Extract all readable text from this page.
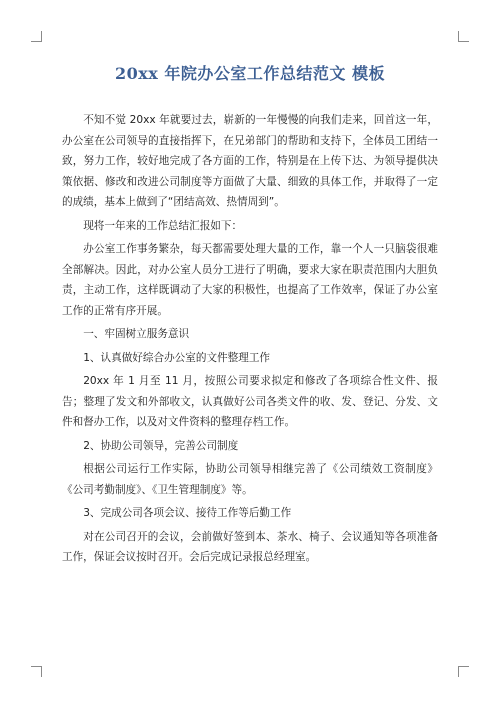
20xx 年院办公室工作总结范文 模板

不知不觉 20xx 年就要过去，崭新的一年慢慢的向我们走来，回首这一年，办公室在公司领导的直接指挥下，在兄弟部门的帮助和支持下，全体员工团结一致，努力工作，较好地完成了各方面的工作，特别是在上传下达、为领导提供决策依据、修改和改进公司制度等方面做了大量、细致的具体工作，并取得了一定的成绩，基本上做到了“团结高效、热情周到”。

现将一年来的工作总结汇报如下：

办公室工作事务繁杂，每天都需要处理大量的工作，靠一个人一只脑袋很难全部解决。因此，对办公室人员分工进行了明确，要求大家在职责范围内大胆负责，主动工作，这样既调动了大家的积极性，也提高了工作效率，保证了办公室工作的正常有序开展。

一、牢固树立服务意识

1、认真做好综合办公室的文件整理工作

20xx 年 1 月至 11 月，按照公司要求拟定和修改了各项综合性文件、报告；整理了发文和外部收文，认真做好公司各类文件的收、发、登记、分发、文件和督办工作，以及对文件资料的整理存档工作。

2、协助公司领导，完善公司制度

根据公司运行工作实际，协助公司领导相继完善了《公司绩效工资制度》《公司考勤制度》、《卫生管理制度》等。

3、完成公司各项会议、接待工作等后勤工作

对在公司召开的会议，会前做好签到本、茶水、椅子、会议通知等各项准备工作，保证会议按时召开。会后完成记录报总经理室。
